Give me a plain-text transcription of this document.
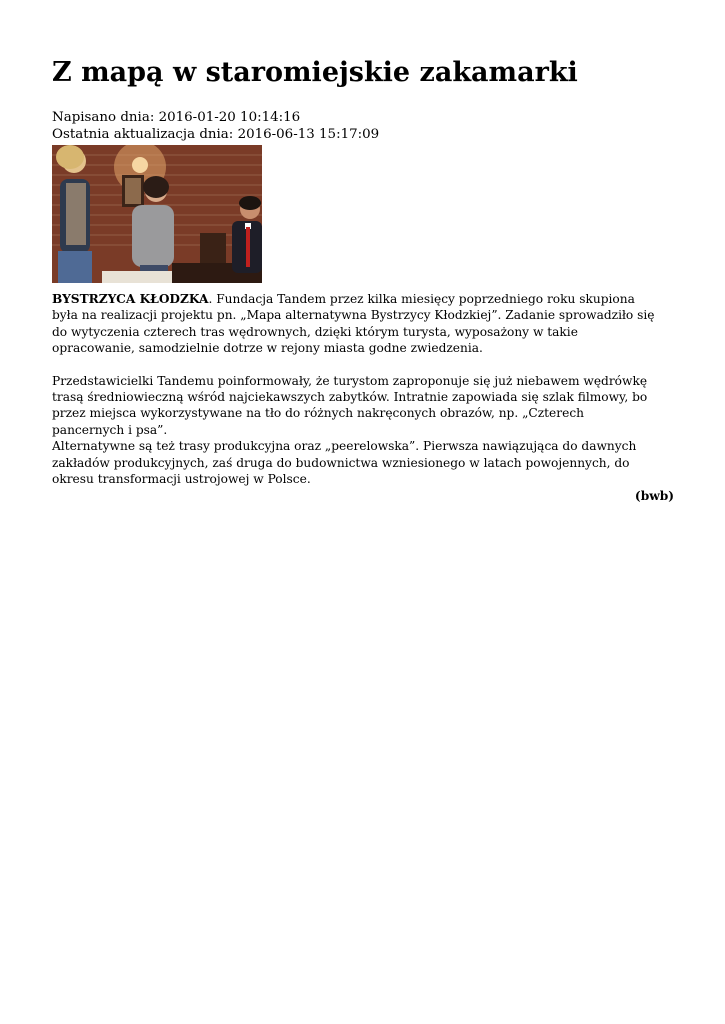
Z mapą w staromiejskie zakamarki
Napisano dnia: 2016-01-20 10:14:16
Ostatnia aktualizacja dnia: 2016-06-13 15:17:09

BYSTRZYCA KŁODZKA. Fundacja Tandem przez kilka miesięcy poprzedniego roku skupiona była na realizacji projektu pn. „Mapa alternatywna Bystrzycy Kłodzkiej”. Zadanie sprowadziło się do wytyczenia czterech tras wędrownych, dzięki którym turysta, wyposażony w takie opracowanie, samodzielnie dotrze w rejony miasta godne zwiedzenia.

Przedstawicielki Tandemu poinformowały, że turystom zaproponuje się już niebawem wędrówkę trasą średniowieczną wśród najciekawszych zabytków. Intratnie zapowiada się szlak filmowy, bo przez miejsca wykorzystywane na tło do różnych nakręconych obrazów, np. „Czterech pancernych i psa”.

Alternatywne są też trasy produkcyjna oraz „peerelowska”. Pierwsza nawiązująca do dawnych zakładów produkcyjnych, zaś druga do budownictwa wzniesionego w latach powojennych, do okresu transformacji ustrojowej w Polsce.

(bwb)
